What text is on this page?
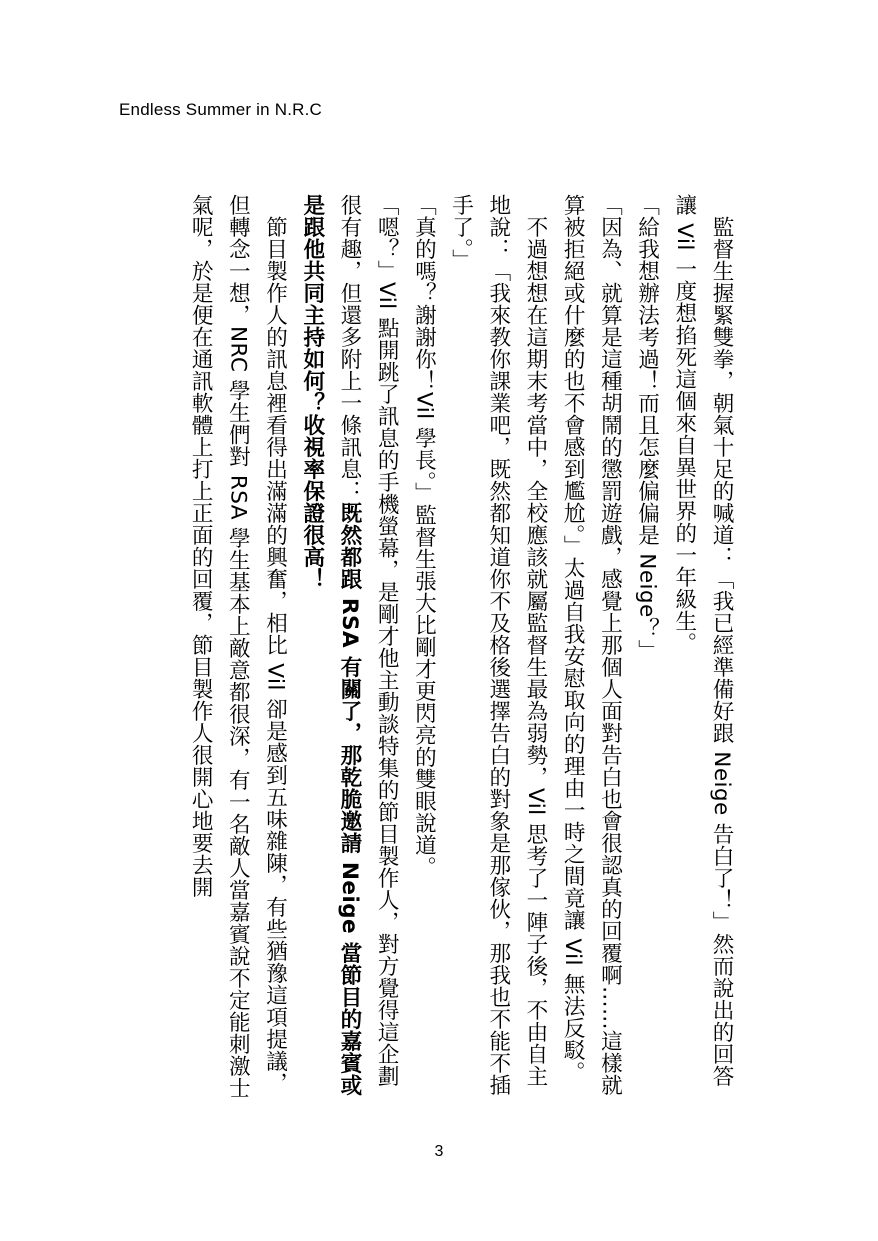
Endless Summer in N.R.C

監督生握緊雙拳，朝氣十足的喊道：「我已經準備好跟 Neige 告白了！」然而說出的回答讓 Vil 一度想掐死這個來自異世界的一年級生。

「給我想辦法考過！而且怎麼偏偏是 Neige？」

「因為、就算是這種胡鬧的懲罰遊戲，感覺上那個人面對告白也會很認真的回覆啊……這樣就算被拒絕或什麼的也不會感到尷尬。」太過自我安慰取向的理由一時之間竟讓 Vil 無法反駁。

不過想想在這期末考當中，全校應該就屬監督生最為弱勢，Vil 思考了一陣子後，不由自主地說：「我來教你課業吧，既然都知道你不及格後選擇告白的對象是那傢伙，那我也不能不插手了。」

「真的嗎？謝謝你！Vil 學長。」監督生張大比剛才更閃亮的雙眼說道。

「嗯？」Vil 點開跳了訊息的手機螢幕，是剛才他主動談特集的節目製作人，對方覺得這企劃很有趣，但還多附上一條訊息：既然都跟 RSA 有關了，那乾脆邀請 Neige 當節目的嘉賓或是跟他共同主持如何？收視率保證很高！

節目製作人的訊息裡看得出滿滿的興奮，相比 Vil 卻是感到五味雜陳，有些猶豫這項提議，但轉念一想，NRC 學生們對 RSA 學生基本上敵意都很深，有一名敵人當嘉賓說不定能刺激士氣呢，於是便在通訊軟體上打上正面的回覆，節目製作人很開心地要去開

3
